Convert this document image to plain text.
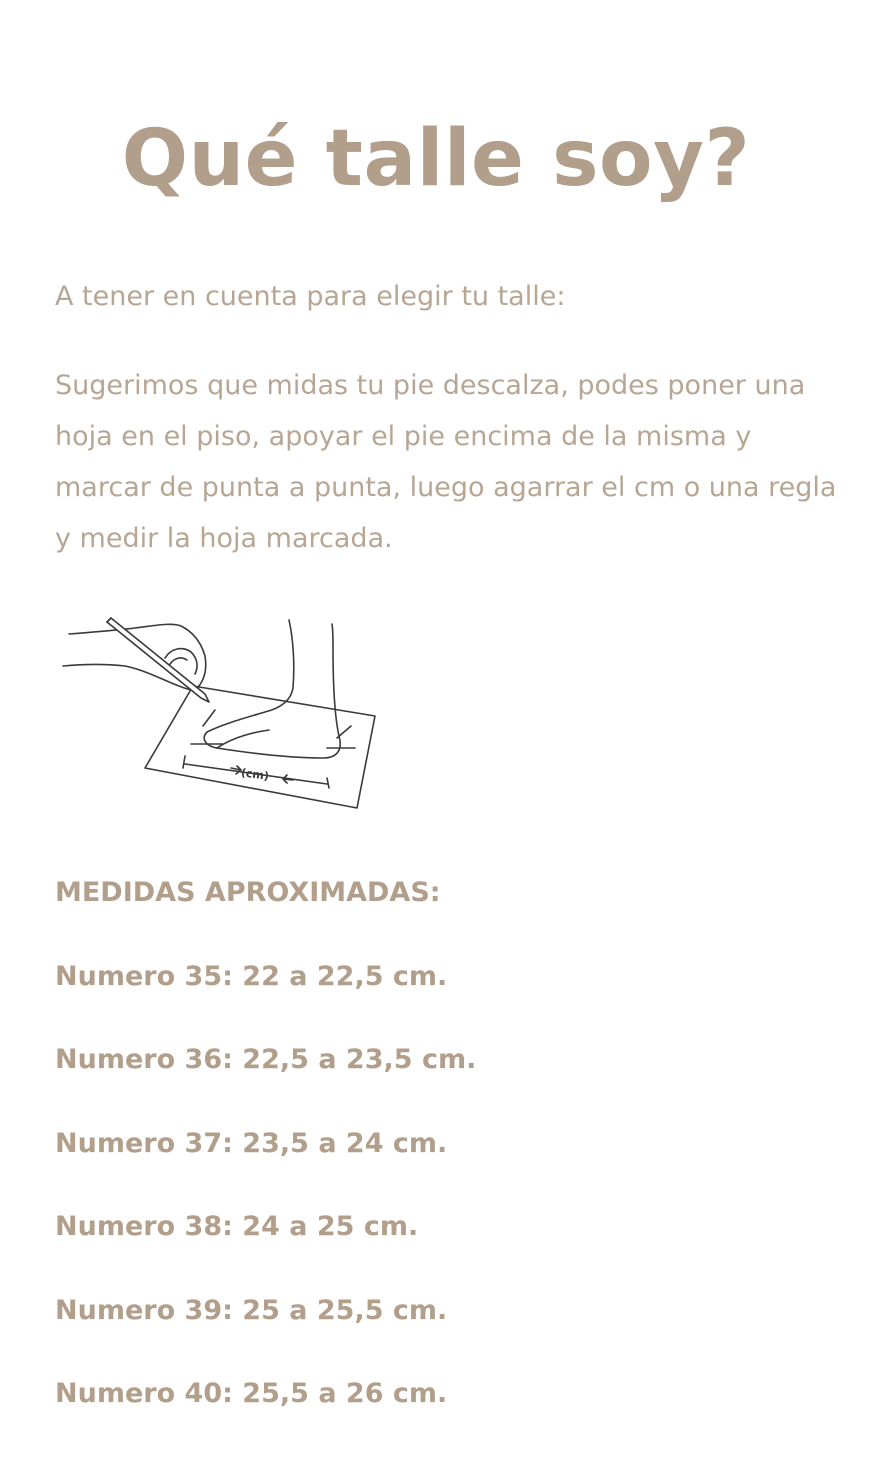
Qué talle soy?

A tener en cuenta para elegir tu talle:

Sugerimos que midas tu pie descalza, podes poner una hoja en el piso, apoyar el pie encima de la misma y marcar de punta a punta, luego agarrar el cm o una regla y medir la hoja marcada.

(cm)
MEDIDAS APROXIMADAS:
Numero 35: 22 a 22,5 cm.
Numero 36: 22,5 a 23,5 cm.
Numero 37: 23,5 a 24 cm.
Numero 38: 24 a 25 cm.
Numero 39: 25 a 25,5 cm.
Numero 40: 25,5 a 26 cm.
